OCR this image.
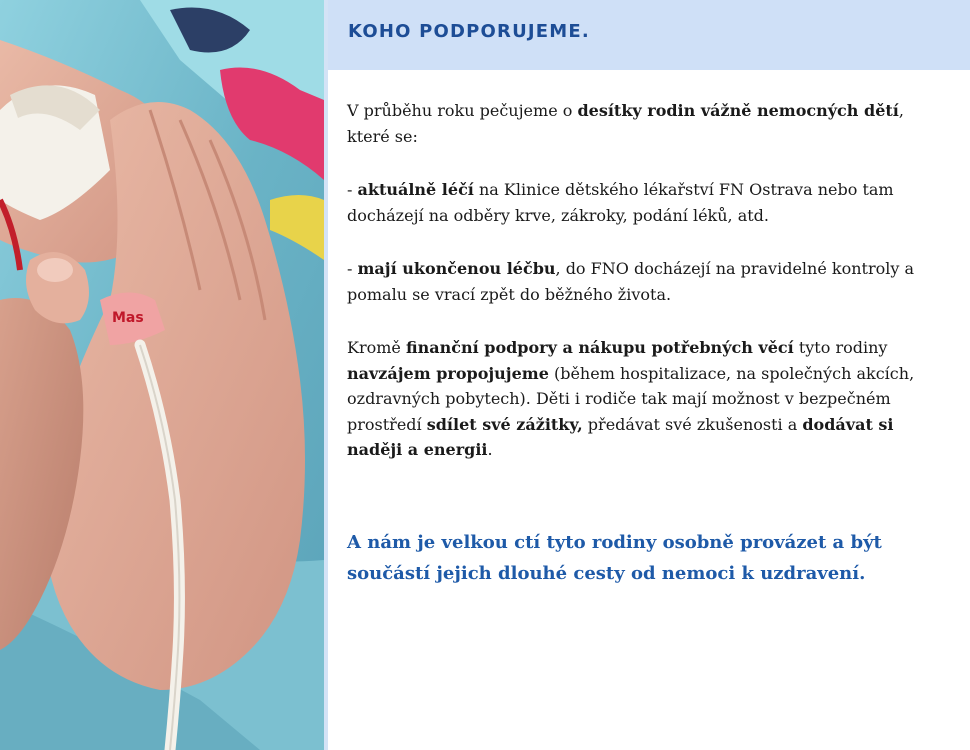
Mas
KOHO PODPORUJEME.

V průběhu roku pečujeme o desítky rodin vážně nemocných dětí, které se:

- aktuálně léčí na Klinice dětského lékařství FN Ostrava nebo tam docházejí na odběry krve, zákroky, podání léků, atd.

- mají ukončenou léčbu, do FNO docházejí na pravidelné kontroly a pomalu se vrací zpět do běžného života.

Kromě finanční podpory a nákupu potřebných věcí tyto rodiny navzájem propojujeme (během hospitalizace, na společných akcích, ozdravných pobytech). Děti i rodiče tak mají možnost v bezpečném prostředí sdílet své zážitky, předávat své zkušenosti a dodávat si naději a energii.

A nám je velkou ctí tyto rodiny osobně provázet a být součástí jejich dlouhé cesty od nemoci k uzdravení.
